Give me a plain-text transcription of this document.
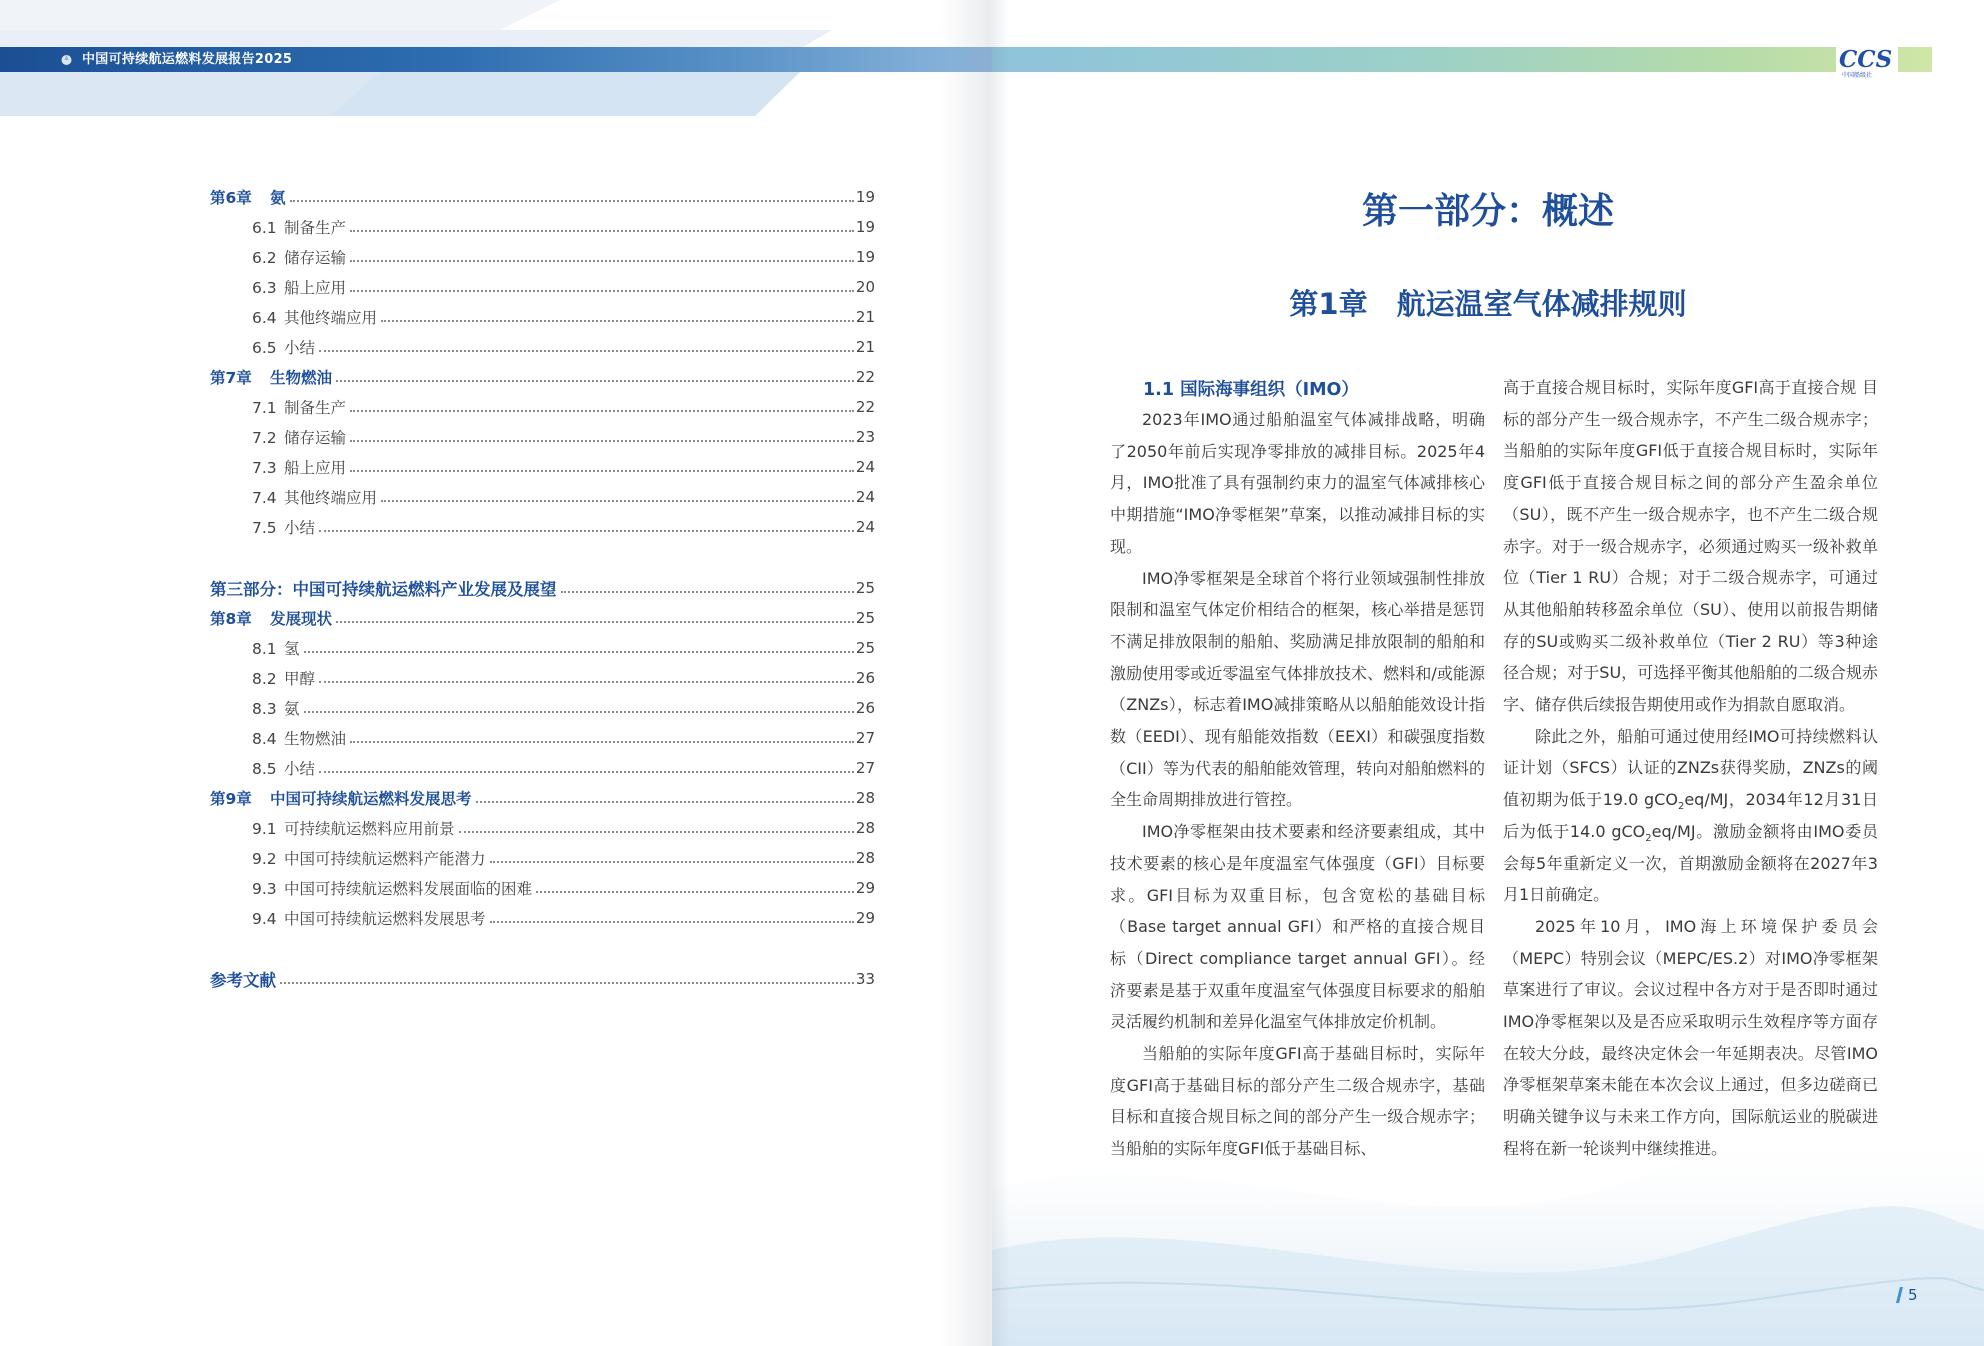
中国可持续航运燃料发展报告2025
第6章 氨	19
6.1 制备生产	19
6.2 储存运输	19
6.3 船上应用	20
6.4 其他终端应用	21
6.5 小结	21
第7章 生物燃油	22
7.1 制备生产	22
7.2 储存运输	23
7.3 船上应用	24
7.4 其他终端应用	24
7.5 小结	24
第三部分：中国可持续航运燃料产业发展及展望	25
第8章 发展现状	25
8.1 氢	25
8.2 甲醇	26
8.3 氨	26
8.4 生物燃油	27
8.5 小结	27
第9章 中国可持续航运燃料发展思考	28
9.1 可持续航运燃料应用前景	28
9.2 中国可持续航运燃料产能潜力	28
9.3 中国可持续航运燃料发展面临的困难	29
9.4 中国可持续航运燃料发展思考	29
参考文献	33
CCS
中国船级社
第一部分：概述
第1章　航运温室气体减排规则
1.1 国际海事组织（IMO）

2023年IMO通过船舶温室气体减排战略，明确了2050年前后实现净零排放的减排目标。2025年4月，IMO批准了具有强制约束力的温室气体减排核心中期措施“IMO净零框架”草案，以推动减排目标的实现。

IMO净零框架是全球首个将行业领域强制性排放限制和温室气体定价相结合的框架，核心举措是惩罚不满足排放限制的船舶、奖励满足排放限制的船舶和激励使用零或近零温室气体排放技术、燃料和/或能源（ZNZs），标志着IMO减排策略从以船舶能效设计指数（EEDI）、现有船能效指数（EEXI）和碳强度指数（CII）等为代表的船舶能效管理，转向对船舶燃料的全生命周期排放进行管控。

IMO净零框架由技术要素和经济要素组成，其中技术要素的核心是年度温室气体强度（GFI）目标要求。GFI目标为双重目标，包含宽松的基础目标（Base target annual GFI）和严格的直接合规目标（Direct compliance target annual GFI）。经济要素是基于双重年度温室气体强度目标要求的船舶灵活履约机制和差异化温室气体排放定价机制。

当船舶的实际年度GFI高于基础目标时，实际年度GFI高于基础目标的部分产生二级合规赤字，基础目标和直接合规目标之间的部分产生一级合规赤字；当船舶的实际年度GFI低于基础目标、

高于直接合规目标时，实际年度GFI高于直接合规 目标的部分产生一级合规赤字，不产生二级合规赤字；当船舶的实际年度GFI低于直接合规目标时，实际年度GFI低于直接合规目标之间的部分产生盈余单位（SU），既不产生一级合规赤字，也不产生二级合规赤字。对于一级合规赤字，必须通过购买一级补救单位（Tier 1 RU）合规；对于二级合规赤字，可通过从其他船舶转移盈余单位（SU）、使用以前报告期储存的SU或购买二级补救单位（Tier 2 RU）等3种途径合规；对于SU，可选择平衡其他船舶的二级合规赤字、储存供后续报告期使用或作为捐款自愿取消。

除此之外，船舶可通过使用经IMO可持续燃料认证计划（SFCS）认证的ZNZs获得奖励，ZNZs的阈值初期为低于19.0 gCO$_2$eq/MJ，2034年12月31日后为低于14.0 gCO$_2$eq/MJ。激励金额将由IMO委员会每5年重新定义一次，首期激励金额将在2027年3月1日前确定。

2025年10月，IMO海上环境保护委员会（MEPC）特别会议（MEPC/ES.2）对IMO净零框架草案进行了审议。会议过程中各方对于是否即时通过IMO净零框架以及是否应采取明示生效程序等方面存在较大分歧，最终决定休会一年延期表决。尽管IMO净零框架草案未能在本次会议上通过，但多边磋商已明确关键争议与未来工作方向，国际航运业的脱碳进程将在新一轮谈判中继续推进。

5
